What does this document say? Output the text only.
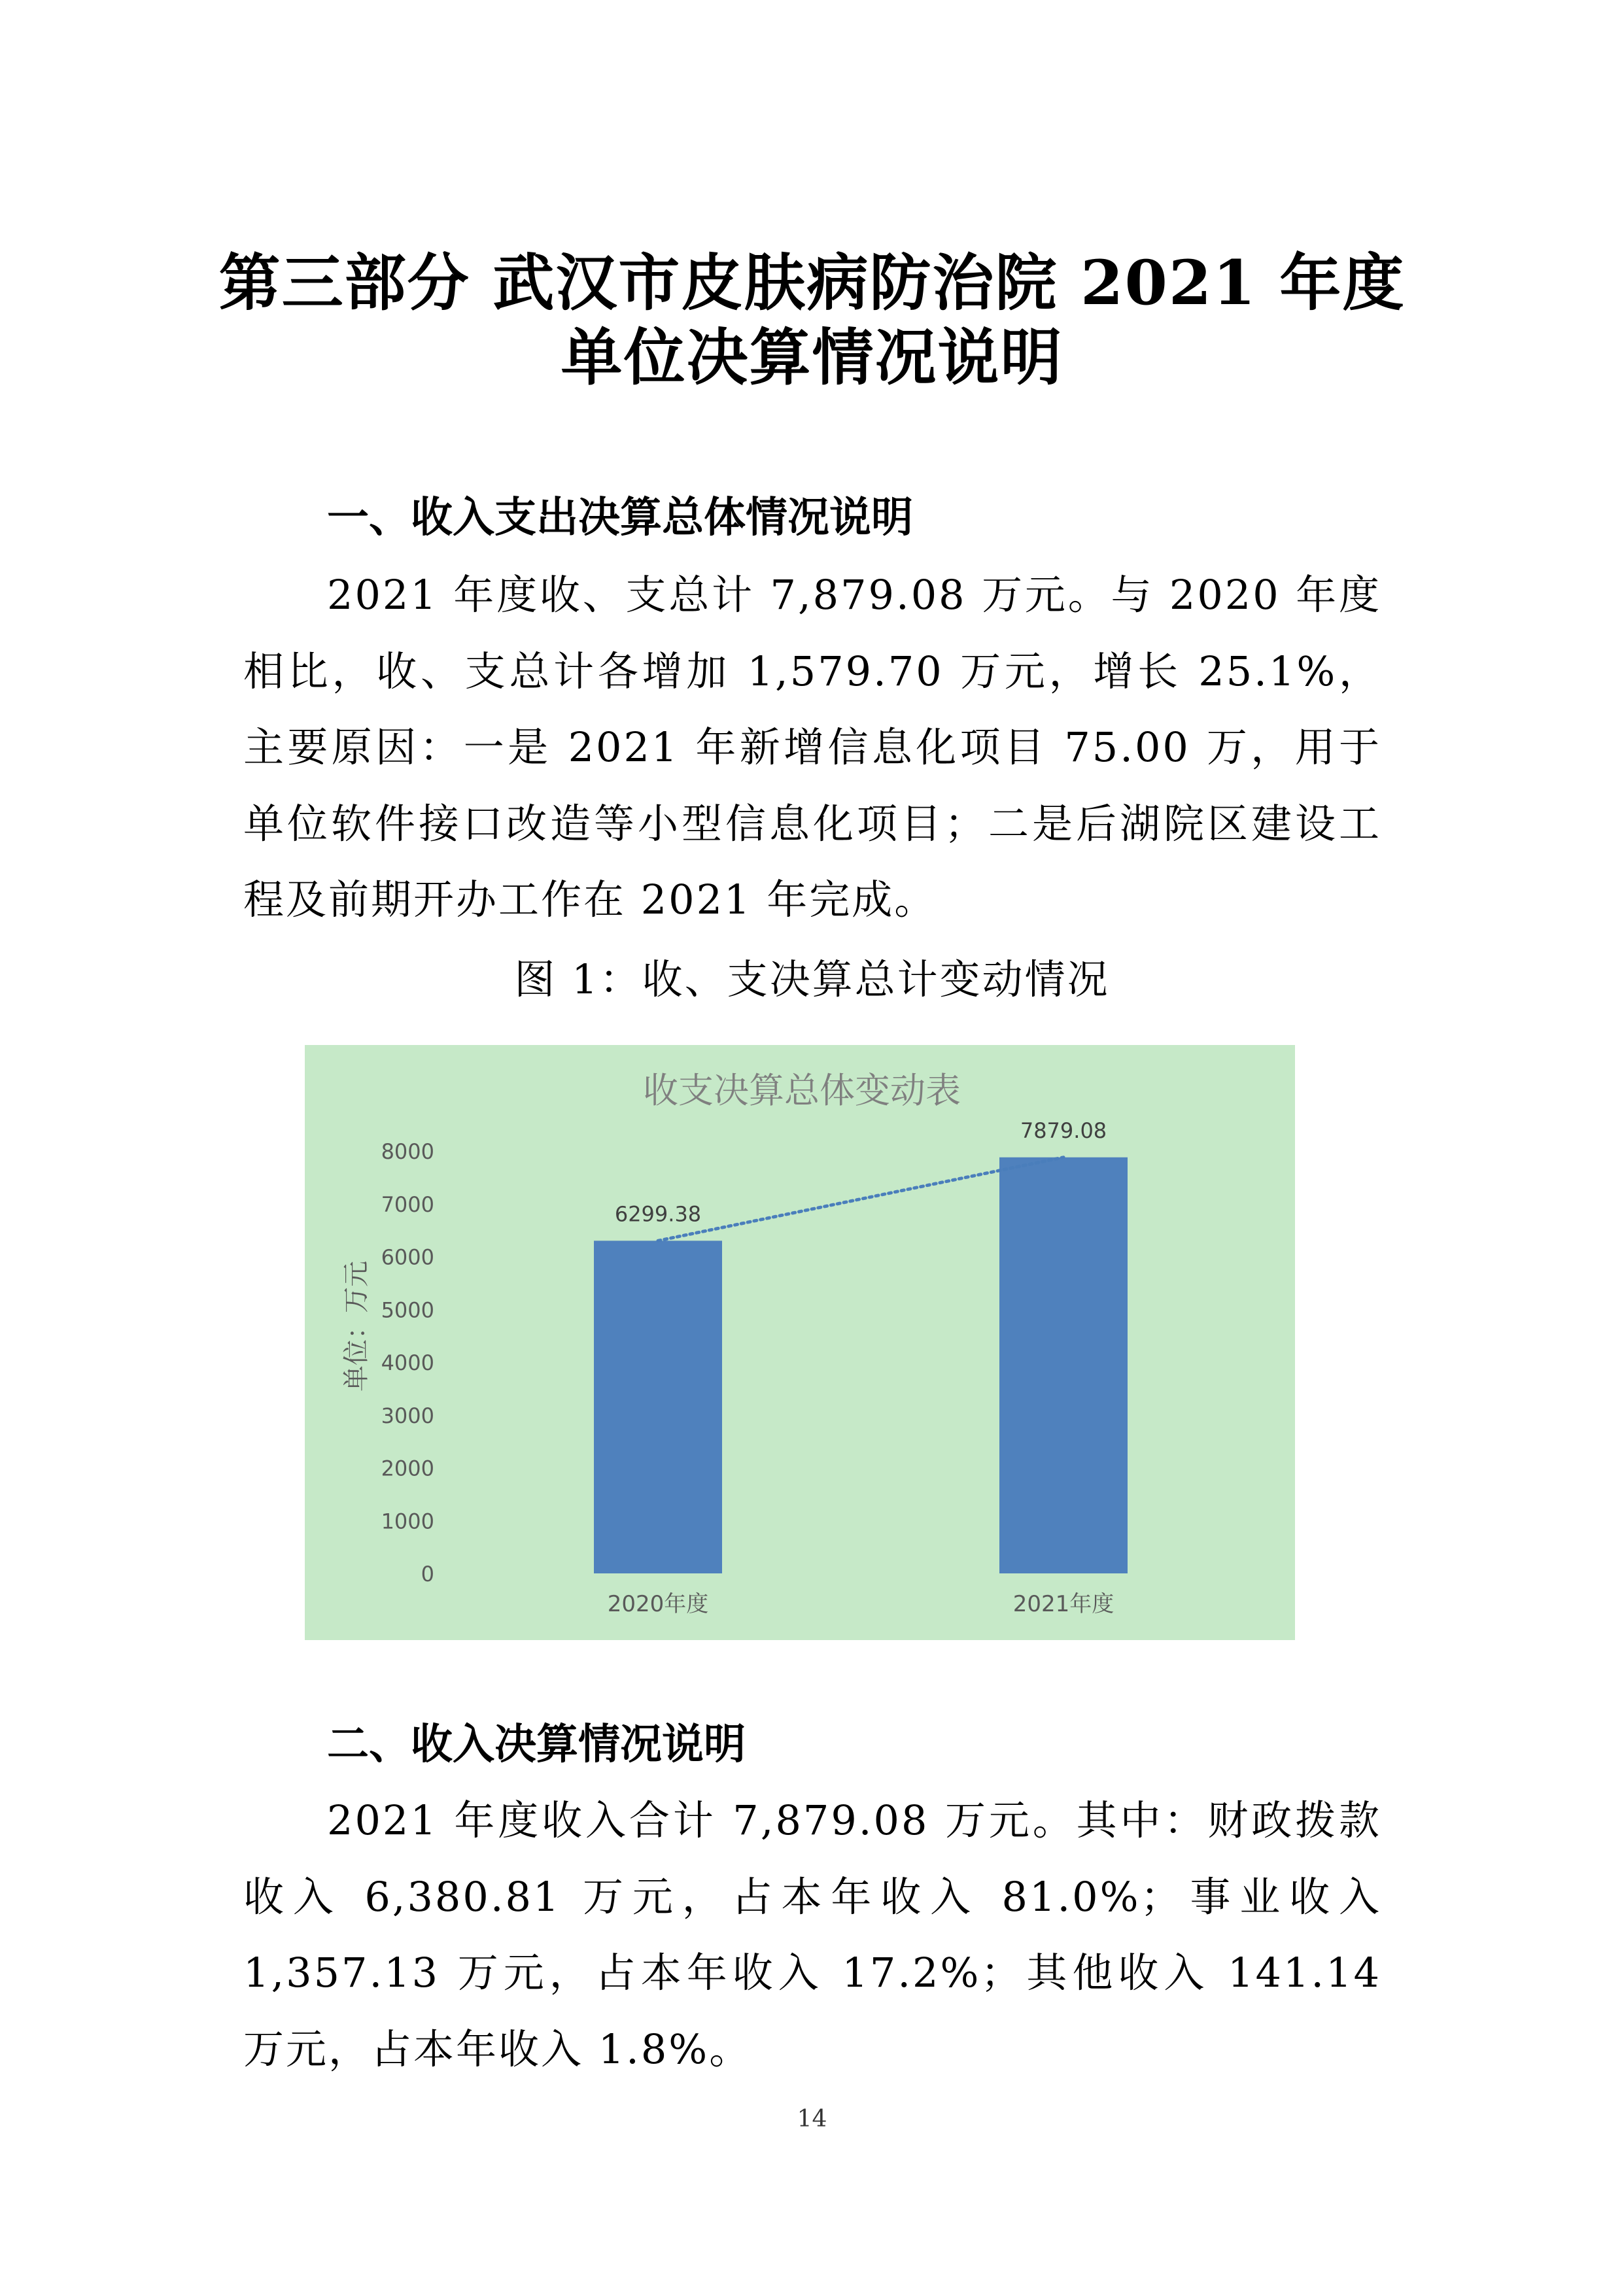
第三部分 武汉市皮肤病防治院 2021 年度
单位决算情况说明
一、收入支出决算总体情况说明

2021 年度收、支总计 7,879.08 万元。与 2020 年度相比，收、支总计各增加 1,579.70 万元，增长 25.1%，主要原因：一是 2021 年新增信息化项目 75.00 万，用于单位软件接口改造等小型信息化项目；二是后湖院区建设工程及前期开办工作在 2021 年完成。

图 1：收、支决算总计变动情况

收支决算总体变动表
单位：万元
0
1000
2000
3000
4000
5000
6000
7000
8000
6299.38
7879.08
2020年度	2021年度
二、收入决算情况说明

2021 年度收入合计 7,879.08 万元。其中：财政拨款收入 6,380.81 万元，占本年收入 81.0%；事业收入 1,357.13 万元，占本年收入 17.2%；其他收入 141.14 万元，占本年收入 1.8%。

14
